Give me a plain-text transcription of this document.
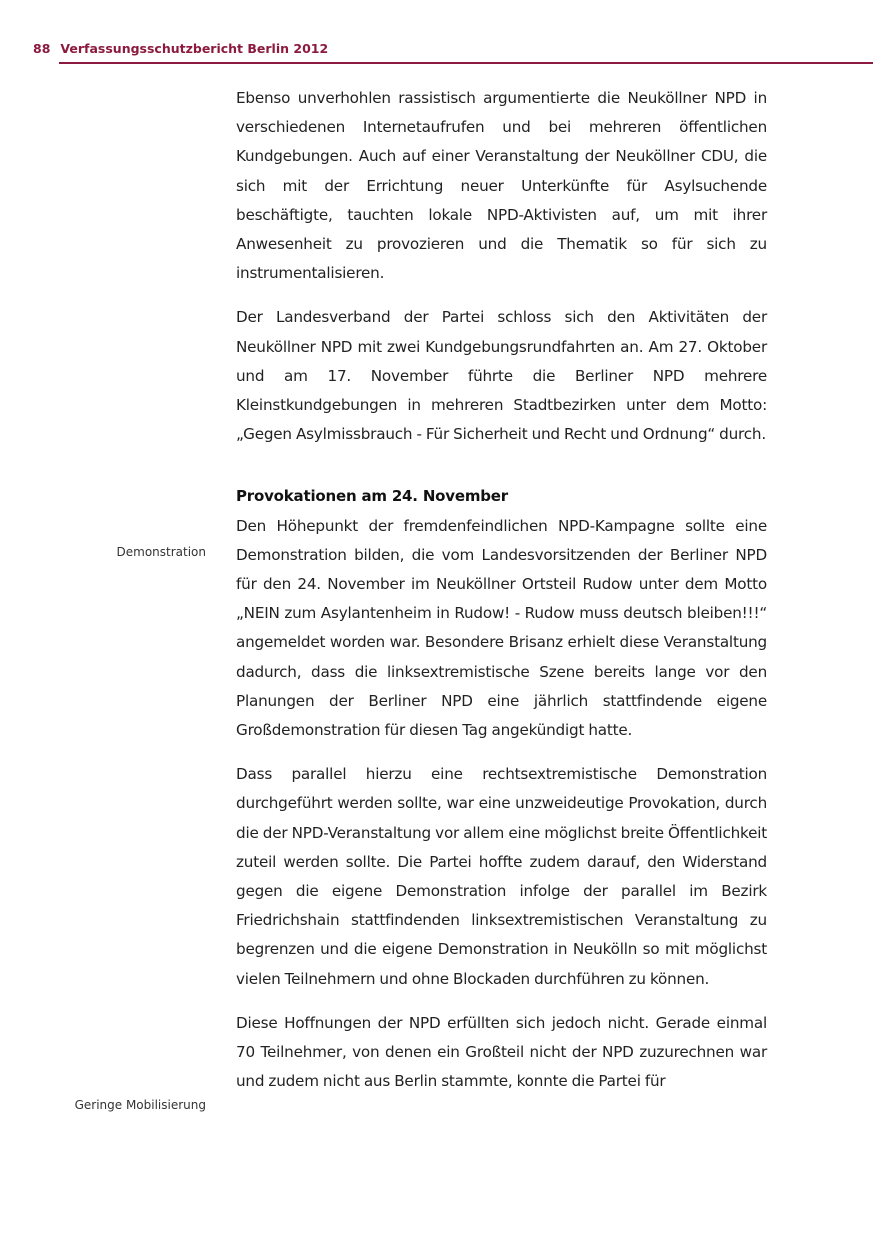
88 Verfassungsschutzbericht Berlin 2012

Ebenso unverhohlen rassistisch argumentierte die Neuköllner NPD in verschiedenen Internetaufrufen und bei mehreren öffentlichen Kundgebungen. Auch auf einer Veranstaltung der Neuköllner CDU, die sich mit der Errichtung neuer Unterkünfte für Asylsuchende beschäftigte, tauchten lokale NPD-Aktivisten auf, um mit ihrer Anwesenheit zu provozieren und die Thematik so für sich zu instrumentalisieren.

Der Landesverband der Partei schloss sich den Aktivitäten der Neuköllner NPD mit zwei Kundgebungsrundfahrten an. Am 27. Oktober und am 17. November führte die Berliner NPD mehrere Kleinstkundgebungen in mehreren Stadtbezirken unter dem Motto: „Gegen Asylmissbrauch - Für Sicherheit und Recht und Ordnung“ durch.

Provokationen am 24. November

Den Höhepunkt der fremdenfeindlichen NPD-Kampagne sollte eine Demonstration bilden, die vom Landesvorsitzenden der Berliner NPD für den 24. November im Neuköllner Ortsteil Rudow unter dem Motto „NEIN zum Asylantenheim in Rudow! - Rudow muss deutsch bleiben!!!“ angemeldet worden war. Besondere Brisanz erhielt diese Veranstaltung dadurch, dass die linksextremistische Szene bereits lange vor den Planungen der Berliner NPD eine jährlich stattfindende eigene Großdemonstration für diesen Tag angekündigt hatte.

Dass parallel hierzu eine rechtsextremistische Demonstration durchgeführt werden sollte, war eine unzweideutige Provokation, durch die der NPD-Veranstaltung vor allem eine möglichst breite Öffentlichkeit zuteil werden sollte. Die Partei hoffte zudem darauf, den Widerstand gegen die eigene Demonstration infolge der parallel im Bezirk Friedrichshain stattfindenden linksextremistischen Veranstaltung zu begrenzen und die eigene Demonstration in Neukölln so mit möglichst vielen Teilnehmern und ohne Blockaden durchführen zu können.

Diese Hoffnungen der NPD erfüllten sich jedoch nicht. Gerade einmal 70 Teilnehmer, von denen ein Großteil nicht der NPD zuzurechnen war und zudem nicht aus Berlin stammte, konnte die Partei für

Demonstration
Geringe Mobilisierung
